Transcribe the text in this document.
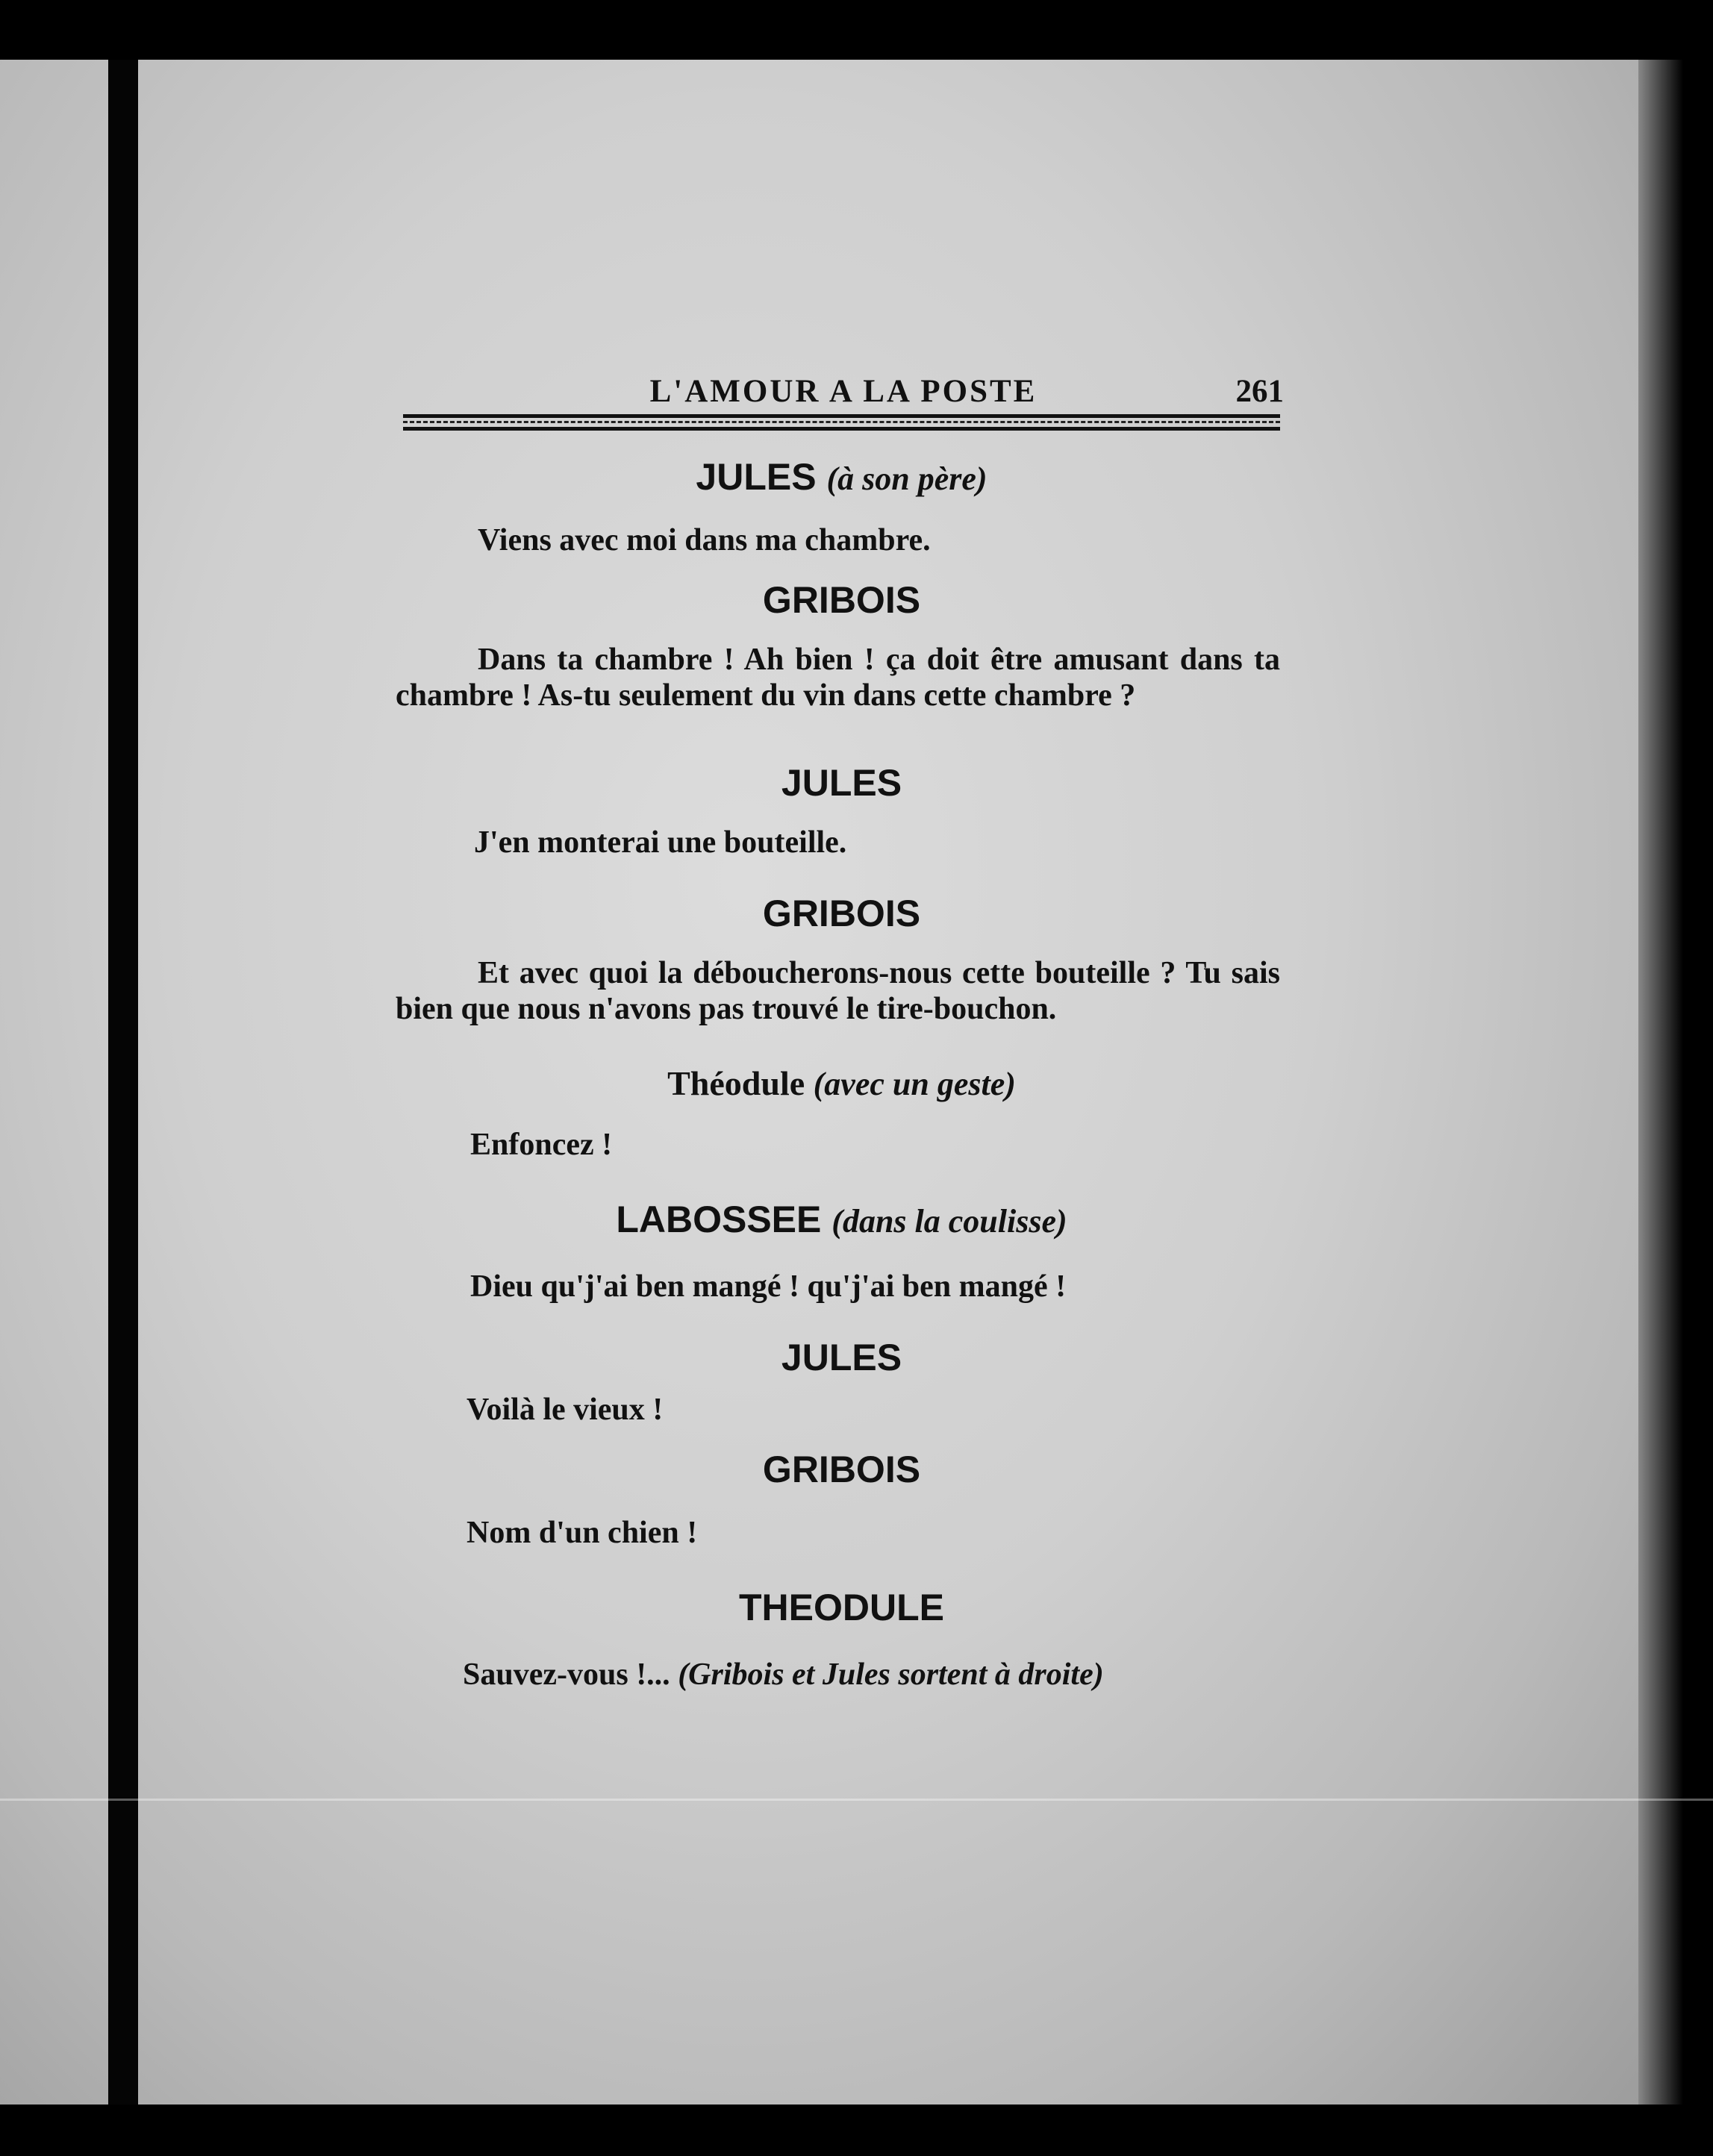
L'AMOUR A LA POSTE	261
JULES (à son père)
Viens avec moi dans ma chambre.
GRIBOIS
Dans ta chambre ! Ah bien ! ça doit être amusant dans ta chambre ! As-tu seulement du vin dans cette chambre ?
JULES
J'en monterai une bouteille.
GRIBOIS
Et avec quoi la déboucherons-nous cette bouteille ? Tu sais bien que nous n'avons pas trouvé le tire-bouchon.
Théodule (avec un geste)
Enfoncez !
LABOSSEE (dans la coulisse)
Dieu qu'j'ai ben mangé ! qu'j'ai ben mangé !
JULES
Voilà le vieux !
GRIBOIS
Nom d'un chien !
THEODULE
Sauvez-vous !... (Gribois et Jules sortent à droite)
